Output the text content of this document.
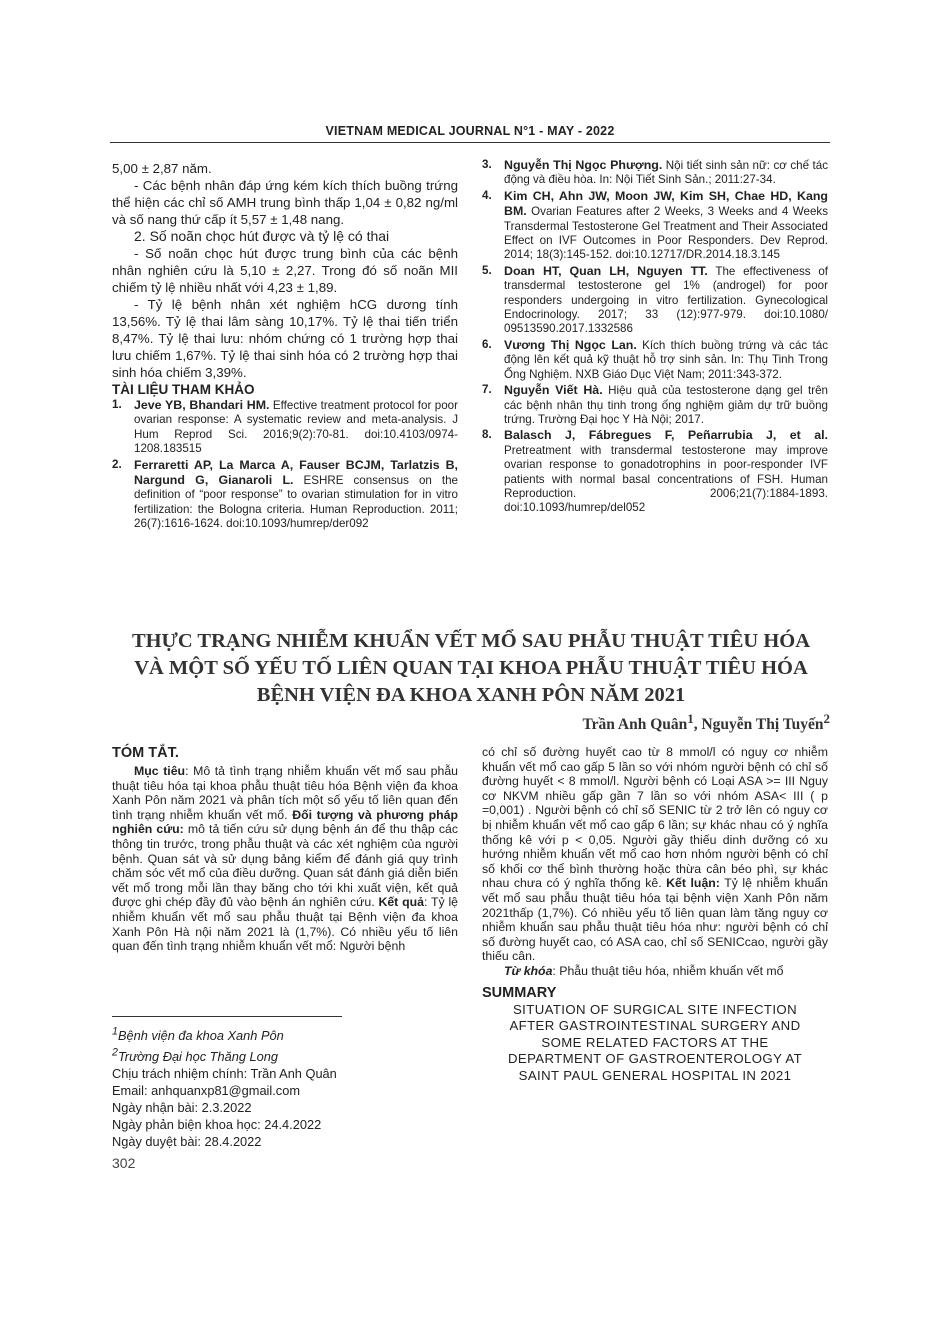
VIETNAM MEDICAL JOURNAL N°1 - MAY - 2022

5,00 ± 2,87 năm.

- Các bệnh nhân đáp ứng kém kích thích buồng trứng thể hiện các chỉ số AMH trung bình thấp 1,04 ± 0,82 ng/ml và số nang thứ cấp ít 5,57 ± 1,48 nang.

2. Số noãn chọc hút được và tỷ lệ có thai

- Số noãn chọc hút được trung bình của các bệnh nhân nghiên cứu là 5,10 ± 2,27. Trong đó số noãn MII chiếm tỷ lệ nhiều nhất với 4,23 ± 1,89.

- Tỷ lệ bệnh nhân xét nghiệm hCG dương tính 13,56%. Tỷ lệ thai lâm sàng 10,17%. Tỷ lệ thai tiến triển 8,47%. Tỷ lệ thai lưu: nhóm chứng có 1 trường hợp thai lưu chiếm 1,67%. Tỷ lệ thai sinh hóa có 2 trường hợp thai sinh hóa chiếm 3,39%.

TÀI LIỆU THAM KHẢO

1. Jeve YB, Bhandari HM. Effective treatment protocol for poor ovarian response: A systematic review and meta-analysis. J Hum Reprod Sci. 2016;9(2):70-81. doi:10.4103/0974-1208.183515
2. Ferraretti AP, La Marca A, Fauser BCJM, Tarlatzis B, Nargund G, Gianaroli L. ESHRE consensus on the definition of “poor response” to ovarian stimulation for in vitro fertilization: the Bologna criteria. Human Reproduction. 2011; 26(7):1616-1624. doi:10.1093/humrep/der092
3. Nguyễn Thị Ngọc Phượng. Nội tiết sinh sản nữ: cơ chế tác động và điều hòa. In: Nội Tiết Sinh Sản.; 2011:27-34.
4. Kim CH, Ahn JW, Moon JW, Kim SH, Chae HD, Kang BM. Ovarian Features after 2 Weeks, 3 Weeks and 4 Weeks Transdermal Testosterone Gel Treatment and Their Associated Effect on IVF Outcomes in Poor Responders. Dev Reprod. 2014; 18(3):145-152. doi:10.12717/DR.2014.18.3.145
5. Doan HT, Quan LH, Nguyen TT. The effectiveness of transdermal testosterone gel 1% (androgel) for poor responders undergoing in vitro fertilization. Gynecological Endocrinology. 2017; 33 (12):977-979. doi:10.1080/ 09513590.2017.1332586
6. Vương Thị Ngọc Lan. Kích thích buồng trứng và các tác động lên kết quả kỹ thuật hỗ trợ sinh sản. In: Thụ Tinh Trong Ống Nghiệm. NXB Giáo Dục Việt Nam; 2011:343-372.
7. Nguyễn Viết Hà. Hiệu quả của testosterone dạng gel trên các bệnh nhân thụ tinh trong ống nghiệm giảm dự trữ buồng trứng. Trường Đại học Y Hà Nội; 2017.
8. Balasch J, Fábregues F, Peñarrubia J, et al. Pretreatment with transdermal testosterone may improve ovarian response to gonadotrophins in poor-responder IVF patients with normal basal concentrations of FSH. Human Reproduction. 2006;21(7):1884-1893. doi:10.1093/humrep/del052
THỰC TRẠNG NHIỄM KHUẨN VẾT MỔ SAU PHẪU THUẬT TIÊU HÓA
VÀ MỘT SỐ YẾU TỐ LIÊN QUAN TẠI KHOA PHẪU THUẬT TIÊU HÓA
BỆNH VIỆN ĐA KHOA XANH PÔN NĂM 2021
Trần Anh Quân$^1$, Nguyễn Thị Tuyến$^2$
TÓM TẮT.

Mục tiêu: Mô tả tình trạng nhiễm khuẩn vết mổ sau phẫu thuật tiêu hóa tại khoa phẫu thuật tiêu hóa Bệnh viện đa khoa Xanh Pôn năm 2021 và phân tích một số yếu tố liên quan đến tình trạng nhiễm khuẩn vết mổ. Đối tượng và phương pháp nghiên cứu: mô tả tiến cứu sử dụng bệnh án để thu thập các thông tin trước, trong phẫu thuật và các xét nghiệm của người bệnh. Quan sát và sử dụng bảng kiểm để đánh giá quy trình chăm sóc vết mổ của điều dưỡng. Quan sát đánh giá diễn biến vết mổ trong mỗi lần thay băng cho tới khi xuất viện, kết quả được ghi chép đầy đủ vào bệnh án nghiên cứu. Kết quả: Tỷ lệ nhiễm khuẩn vết mổ sau phẫu thuật tại Bệnh viện đa khoa Xanh Pôn Hà nội năm 2021 là (1,7%). Có nhiều yếu tố liên quan đến tình trạng nhiễm khuẩn vết mổ: Người bệnh

có chỉ số đường huyết cao từ 8 mmol/l có nguy cơ nhiễm khuẩn vết mổ cao gấp 5 lần so với nhóm người bệnh có chỉ số đường huyết < 8 mmol/l. Người bệnh có Loại ASA >= III Nguy cơ NKVM nhiều gấp gần 7 lần so với nhóm ASA< III ( p =0,001) . Người bệnh có chỉ số SENIC từ 2 trở lên có nguy cơ bị nhiễm khuẩn vết mổ cao gấp 6 lần; sự khác nhau có ý nghĩa thống kê với p < 0,05. Người gầy thiếu dinh dưỡng có xu hướng nhiễm khuẩn vết mổ cao hơn nhóm người bệnh có chỉ số khối cơ thể bình thường hoặc thừa cân béo phì, sự khác nhau chưa có ý nghĩa thống kê. Kết luận: Tỷ lệ nhiễm khuẩn vết mổ sau phẫu thuật tiêu hóa tại bệnh viện Xanh Pôn năm 2021thấp (1,7%). Có nhiều yếu tố liên quan làm tăng nguy cơ nhiễm khuẩn sau phẫu thuật tiêu hóa như: người bệnh có chỉ số đường huyết cao, có ASA cao, chỉ số SENICcao, người gầy thiếu cân.

Từ khóa: Phẫu thuật tiêu hóa, nhiễm khuẩn vết mổ

SUMMARY
SITUATION OF SURGICAL SITE INFECTION
AFTER GASTROINTESTINAL SURGERY AND
SOME RELATED FACTORS AT THE
DEPARTMENT OF GASTROENTEROLOGY AT
SAINT PAUL GENERAL HOSPITAL IN 2021
$^1$Bệnh viện đa khoa Xanh Pôn
$^2$Trường Đại học Thăng Long
Chịu trách nhiệm chính: Trần Anh Quân
Email: anhquanxp81@gmail.com
Ngày nhận bài: 2.3.2022
Ngày phản biện khoa học: 24.4.2022
Ngày duyệt bài: 28.4.2022
302
